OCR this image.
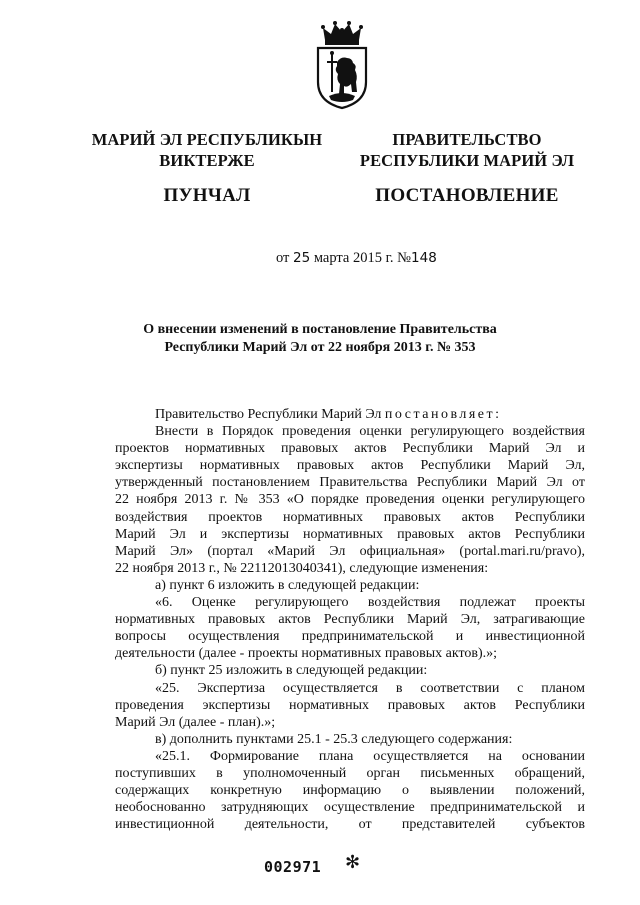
МАРИЙ ЭЛ РЕСПУБЛИКЫН
ВИКТЕРЖЕ
ПУНЧАЛ
ПРАВИТЕЛЬСТВО
РЕСПУБЛИКИ МАРИЙ ЭЛ
ПОСТАНОВЛЕНИЕ
от 25 марта 2015 г. №148
О внесении изменений в постановление Правительства
Республики Марий Эл от 22 ноября 2013 г. № 353
Правительство Республики Марий Эл постановляет:
Внести в Порядок проведения оценки регулирующего воздействия
проектов нормативных правовых актов Республики Марий Эл и
экспертизы нормативных правовых актов Республики Марий Эл,
утвержденный постановлением Правительства Республики Марий Эл от
22 ноября 2013 г. № 353 «О порядке проведения оценки регулирующего
воздействия проектов нормативных правовых актов Республики
Марий Эл и экспертизы нормативных правовых актов Республики
Марий Эл» (портал «Марий Эл официальная» (portal.mari.ru/pravo),
22 ноября 2013 г., № 22112013040341), следующие изменения:
а) пункт 6 изложить в следующей редакции:
«6. Оценке регулирующего воздействия подлежат проекты
нормативных правовых актов Республики Марий Эл, затрагивающие
вопросы осуществления предпринимательской и инвестиционной
деятельности (далее - проекты нормативных правовых актов).»;
б) пункт 25 изложить в следующей редакции:
«25. Экспертиза осуществляется в соответствии с планом
проведения экспертизы нормативных правовых актов Республики
Марий Эл (далее - план).»;
в) дополнить пунктами 25.1 - 25.3 следующего содержания:
«25.1. Формирование плана осуществляется на основании
поступивших в уполномоченный орган письменных обращений,
содержащих конкретную информацию о выявлении положений,
необоснованно затрудняющих осуществление предпринимательской и
инвестиционной деятельности, от представителей субъектов
002971 ✻
